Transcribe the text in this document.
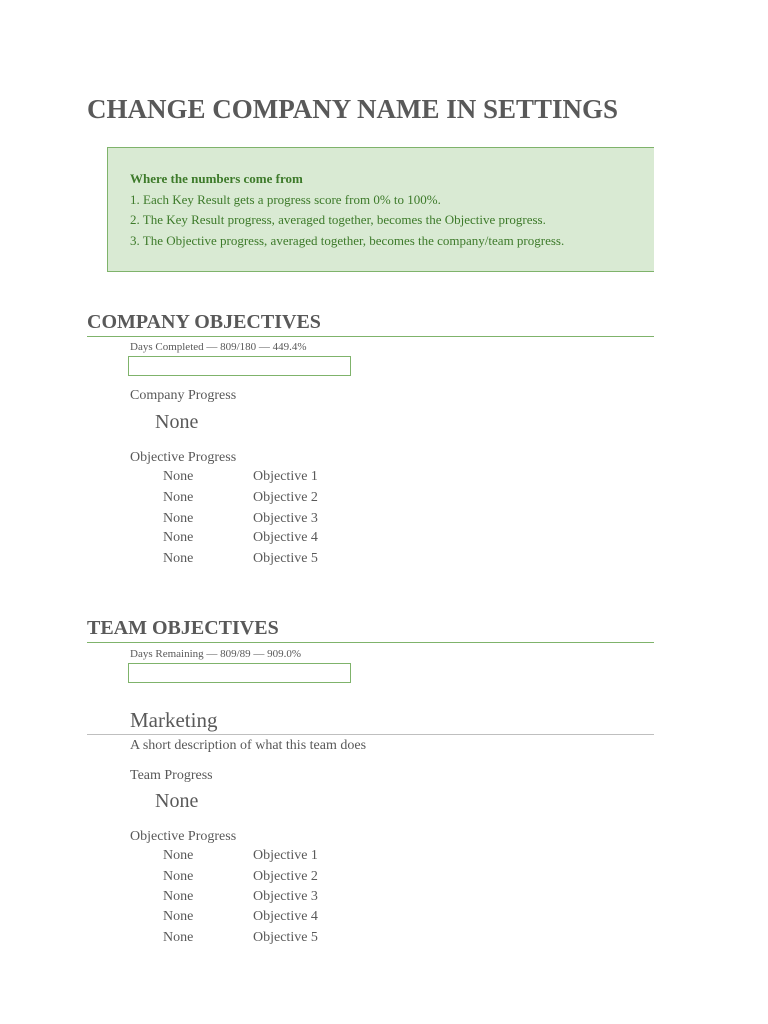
CHANGE COMPANY NAME IN SETTINGS
Where the numbers come from
1. Each Key Result gets a progress score from 0% to 100%.
2. The Key Result progress, averaged together, becomes the Objective progress.
3. The Objective progress, averaged together, becomes the company/team progress.
COMPANY OBJECTIVES
Days Completed — 809/180 — 449.4%
Company Progress
None
Objective Progress
None	Objective 1
None	Objective 2
None	Objective 3
None	Objective 4
None	Objective 5
TEAM OBJECTIVES
Days Remaining — 809/89 — 909.0%
Marketing
A short description of what this team does
Team Progress
None
Objective Progress
None	Objective 1
None	Objective 2
None	Objective 3
None	Objective 4
None	Objective 5
